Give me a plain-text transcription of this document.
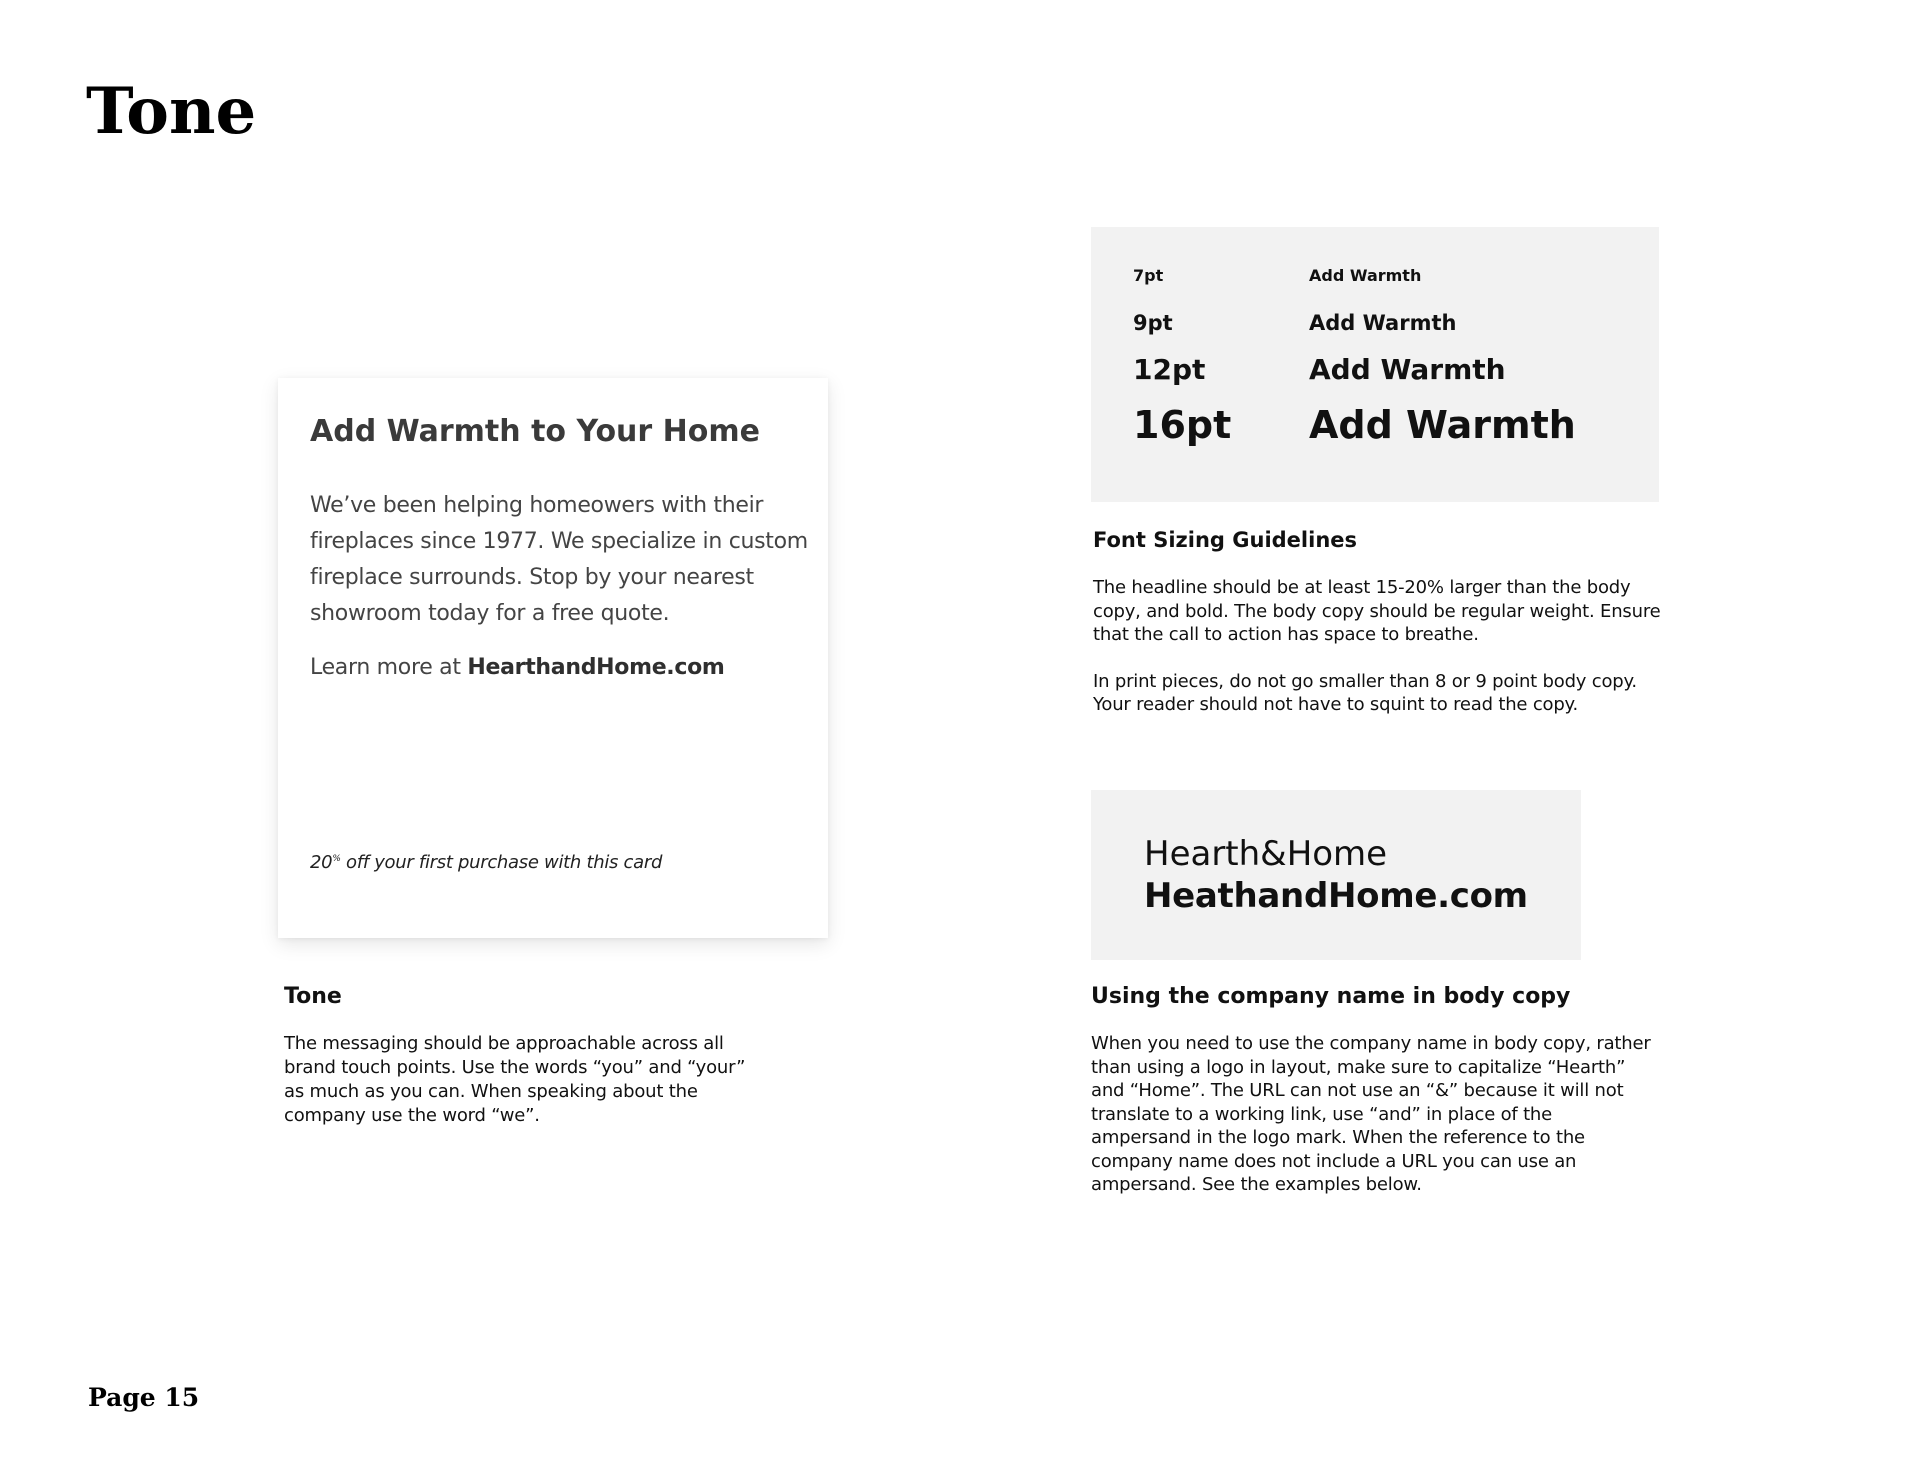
Tone
Add Warmth to Your Home

We’ve been helping homeowers with their fireplaces since 1977. We specialize in custom fireplace surrounds. Stop by your nearest showroom today for a free quote.

Learn more at HearthandHome.com

20% off your first purchase with this card

Tone

The messaging should be approachable across all brand touch points. Use the words “you” and “your” as much as you can. When speaking about the company use the word “we”.

7pt	Add Warmth
9pt	Add Warmth
12pt	Add Warmth
16pt Add Warmth
Font Sizing Guidelines

The headline should be at least 15-20% larger than the body copy, and bold. The body copy should be regular weight. Ensure that the call to action has space to breathe.

In print pieces, do not go smaller than 8 or 9 point body copy. Your reader should not have to squint to read the copy.

Hearth&Home
HeathandHome.com
Using the company name in body copy

When you need to use the company name in body copy, rather than using a logo in layout, make sure to capitalize “Hearth” and “Home”. The URL can not use an “&” because it will not translate to a working link, use “and” in place of the ampersand in the logo mark. When the reference to the company name does not include a URL you can use an ampersand. See the examples below.

Page 15
